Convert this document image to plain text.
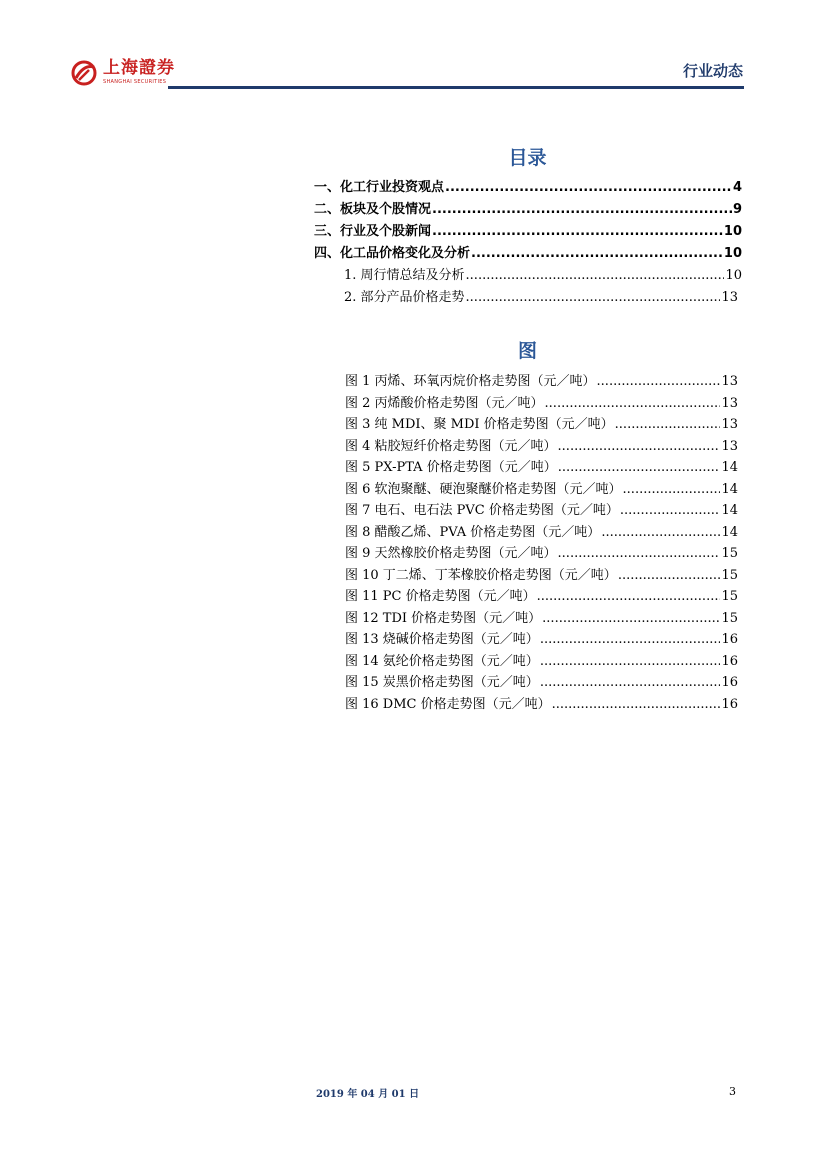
上海證券
SHANGHAI SECURITIES
行业动态
目录
一、化工行业投资观点 .....	4
二、板块及个股情况 .....	9
三、行业及个股新闻 .....	10
四、化工品价格变化及分析 .....	10
1. 周行情总结及分析 .....	10
2. 部分产品价格走势 .....	13
图
图 1 丙烯、环氧丙烷价格走势图（元／吨） .....	13
图 2 丙烯酸价格走势图（元／吨） .....	13
图 3 纯 MDI、聚 MDI 价格走势图（元／吨） .....	13
图 4 粘胶短纤价格走势图（元／吨） .....	13
图 5 PX-PTA 价格走势图（元／吨） .....	14
图 6 软泡聚醚、硬泡聚醚价格走势图（元／吨） .....	14
图 7 电石、电石法 PVC 价格走势图（元／吨） .....	14
图 8 醋酸乙烯、PVA 价格走势图（元／吨） .....	14
图 9 天然橡胶价格走势图（元／吨） .....	15
图 10 丁二烯、丁苯橡胶价格走势图（元／吨） .....	15
图 11 PC 价格走势图（元／吨） .....	15
图 12 TDI 价格走势图（元／吨） .....	15
图 13 烧碱价格走势图（元／吨） .....	16
图 14 氨纶价格走势图（元／吨） .....	16
图 15 炭黑价格走势图（元／吨） .....	16
图 16 DMC 价格走势图（元／吨） .....	16
2019 年 04 月 01 日	3
